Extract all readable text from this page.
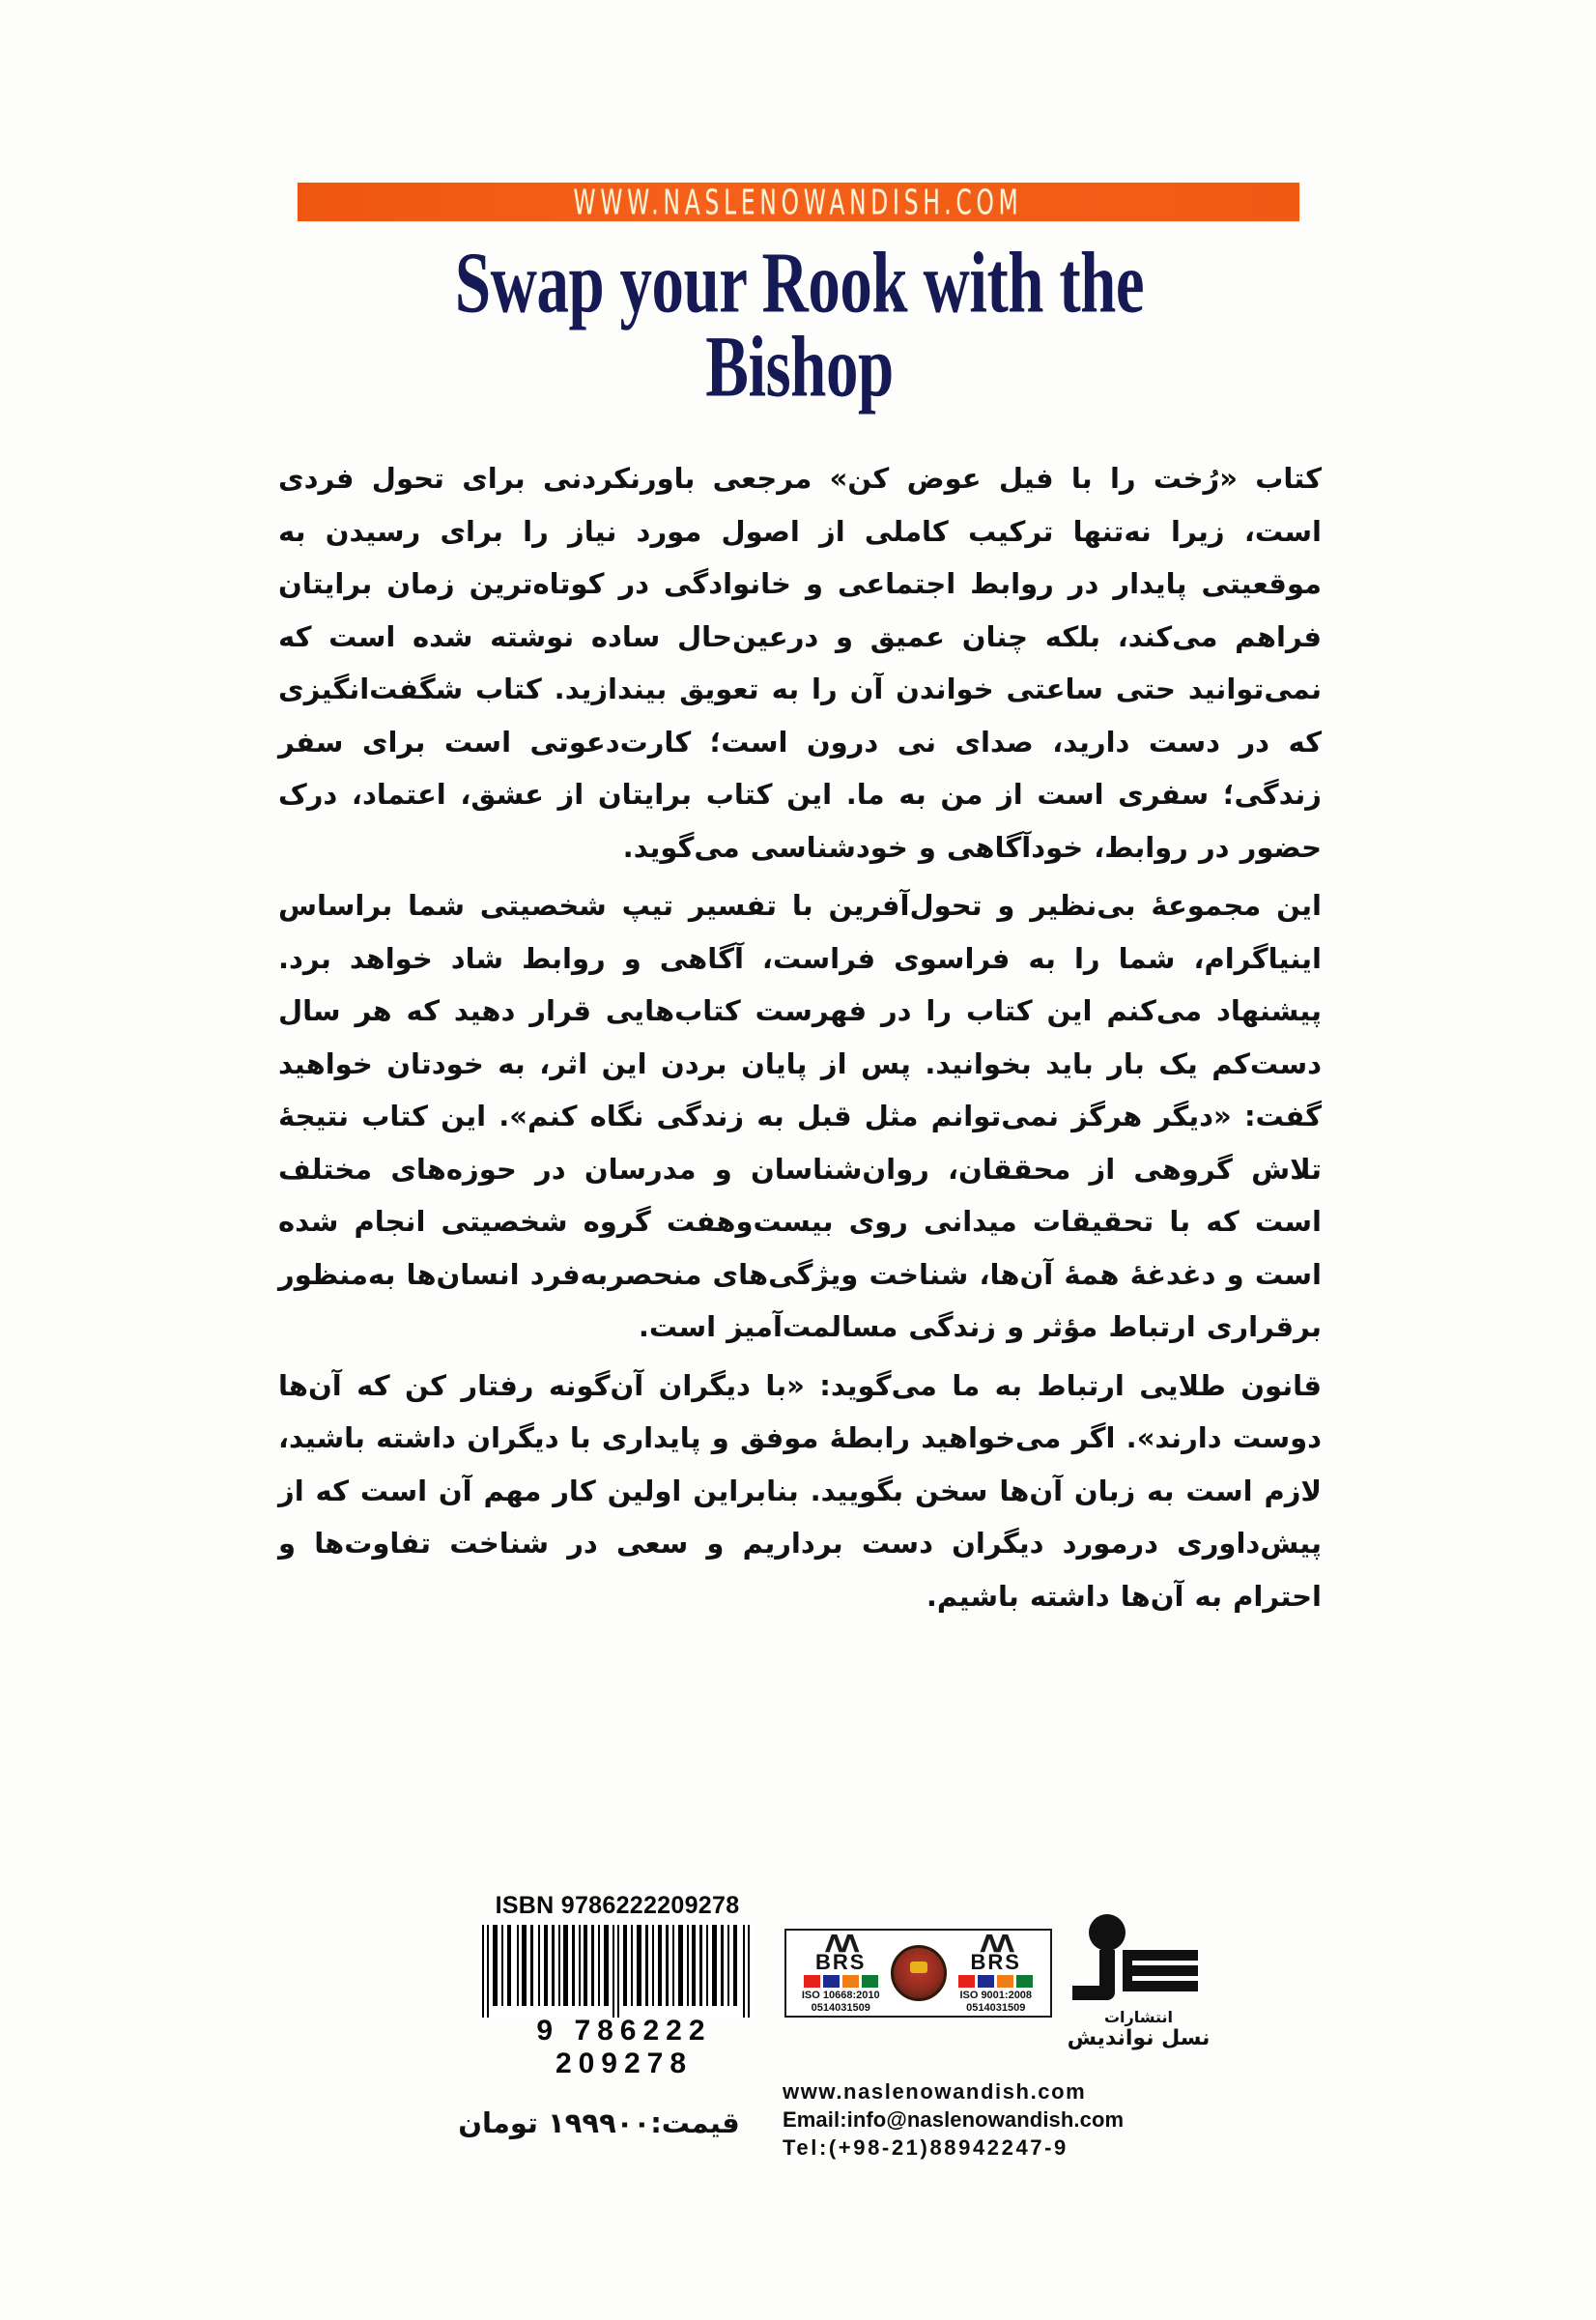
WWW.NASLENOWANDISH.COM
Swap your Rook with the
Bishop

کتاب «رُخت را با فیل عوض کن» مرجعی باورنکردنی برای تحول فردی است، زیرا نه‌تنها ترکیب کاملی از اصول مورد نیاز را برای رسیدن به موقعیتی پایدار در روابط اجتماعی و خانوادگی در کوتاه‌ترین زمان برایتان فراهم می‌کند، بلکه چنان عمیق و درعین‌حال ساده نوشته شده است که نمی‌توانید حتی ساعتی خواندن آن را به تعویق بیندازید. کتاب شگفت‌انگیزی که در دست دارید، صدای نی درون است؛ کارت‌دعوتی است برای سفر زندگی؛ سفری است از من به ما. این کتاب برایتان از عشق، اعتماد، درک حضور در روابط، خودآگاهی و خودشناسی می‌گوید.

این مجموعهٔ بی‌نظیر و تحول‌آفرین با تفسیر تیپ شخصیتی شما براساس اینیاگرام، شما را به فراسوی فراست، آگاهی و روابط شاد خواهد برد. پیشنهاد می‌کنم این کتاب را در فهرست کتاب‌هایی قرار دهید که هر سال دست‌کم یک بار باید بخوانید. پس از پایان بردن این اثر، به خودتان خواهید گفت: «دیگر هرگز نمی‌توانم مثل قبل به زندگی نگاه کنم». این کتاب نتیجهٔ تلاش گروهی از محققان، روان‌شناسان و مدرسان در حوزه‌های مختلف است که با تحقیقات میدانی روی بیست‌وهفت گروه شخصیتی انجام شده است و دغدغهٔ همهٔ آن‌ها، شناخت ویژگی‌های منحصربه‌فرد انسان‌ها به‌منظور برقراری ارتباط مؤثر و زندگی مسالمت‌آمیز است.

قانون طلایی ارتباط به ما می‌گوید: «با دیگران آن‌گونه رفتار کن که آن‌ها دوست دارند». اگر می‌خواهید رابطهٔ موفق و پایداری با دیگران داشته باشید، لازم است به زبان آن‌ها سخن بگویید. بنابراین اولین کار مهم آن است که از پیش‌داوری درمورد دیگران دست برداریم و سعی در شناخت تفاوت‌ها و احترام به آن‌ها داشته باشیم.

ISBN 9786222209278
9 786222 209278
قیمت:۱۹۹۹۰۰ تومان
ΛΛ
BRS
ISO 10668:2010
0514031509
ΛΛ
BRS
ISO 9001:2008
0514031509	انتشارات
نسل نواندیش
www.naslenowandish.com
Email:info@naslenowandish.com
Tel:(+98-21)88942247-9
